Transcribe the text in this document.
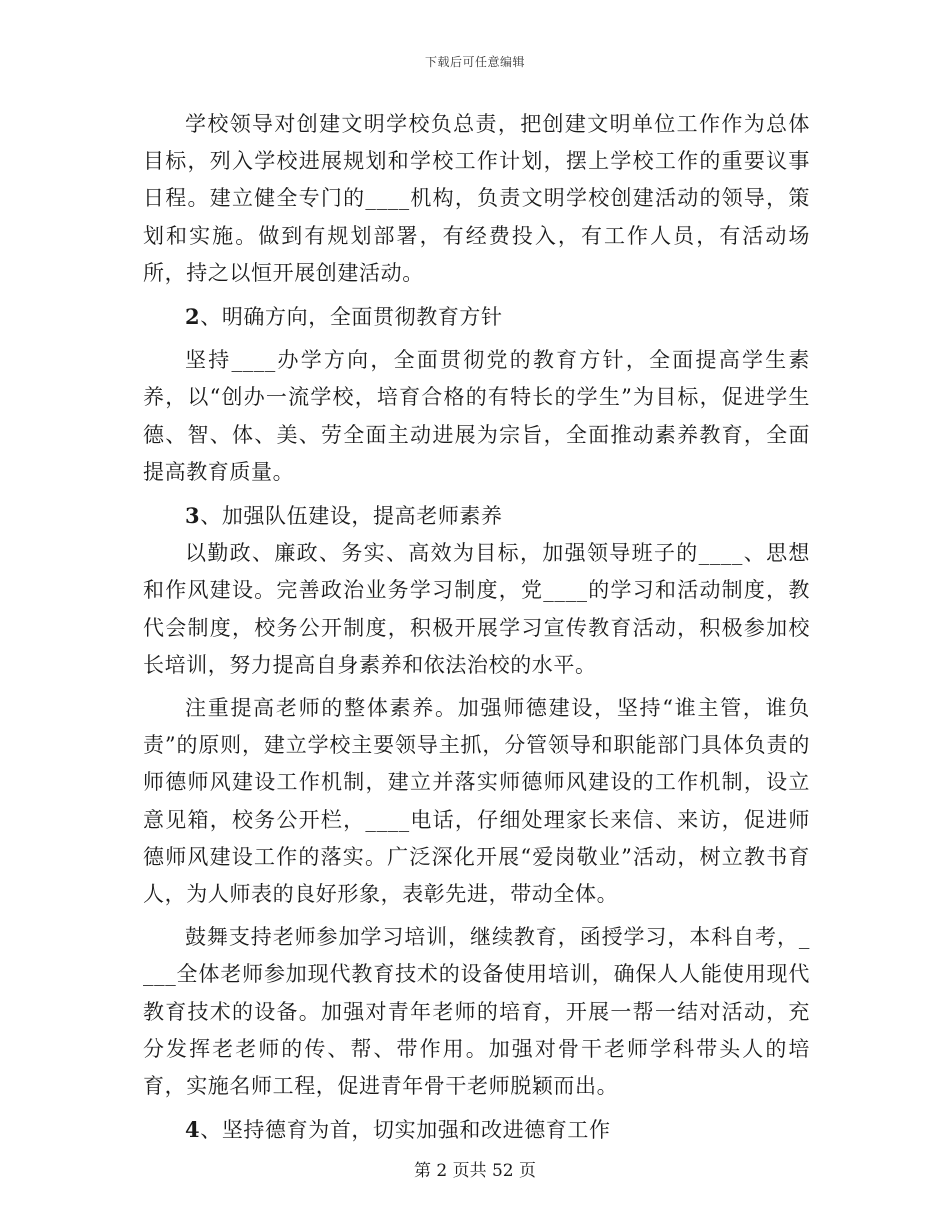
下载后可任意编辑

学校领导对创建文明学校负总责，把创建文明单位工作作为总体目标，列入学校进展规划和学校工作计划，摆上学校工作的重要议事日程。建立健全专门的____机构，负责文明学校创建活动的领导，策划和实施。做到有规划部署，有经费投入，有工作人员，有活动场所，持之以恒开展创建活动。

2、明确方向，全面贯彻教育方针

坚持____办学方向，全面贯彻党的教育方针，全面提高学生素养，以“创办一流学校，培育合格的有特长的学生”为目标，促进学生德、智、体、美、劳全面主动进展为宗旨，全面推动素养教育，全面提高教育质量。

3、加强队伍建设，提高老师素养

以勤政、廉政、务实、高效为目标，加强领导班子的____、思想和作风建设。完善政治业务学习制度，党____的学习和活动制度，教代会制度，校务公开制度，积极开展学习宣传教育活动，积极参加校长培训，努力提高自身素养和依法治校的水平。

注重提高老师的整体素养。加强师德建设，坚持“谁主管，谁负责”的原则，建立学校主要领导主抓，分管领导和职能部门具体负责的师德师风建设工作机制，建立并落实师德师风建设的工作机制，设立意见箱，校务公开栏，____电话，仔细处理家长来信、来访，促进师德师风建设工作的落实。广泛深化开展“爱岗敬业”活动，树立教书育人，为人师表的良好形象，表彰先进，带动全体。

鼓舞支持老师参加学习培训，继续教育，函授学习，本科自考，____全体老师参加现代教育技术的设备使用培训，确保人人能使用现代教育技术的设备。加强对青年老师的培育，开展一帮一结对活动，充分发挥老老师的传、帮、带作用。加强对骨干老师学科带头人的培育，实施名师工程，促进青年骨干老师脱颖而出。

4、坚持德育为首，切实加强和改进德育工作

第 2 页共 52 页
